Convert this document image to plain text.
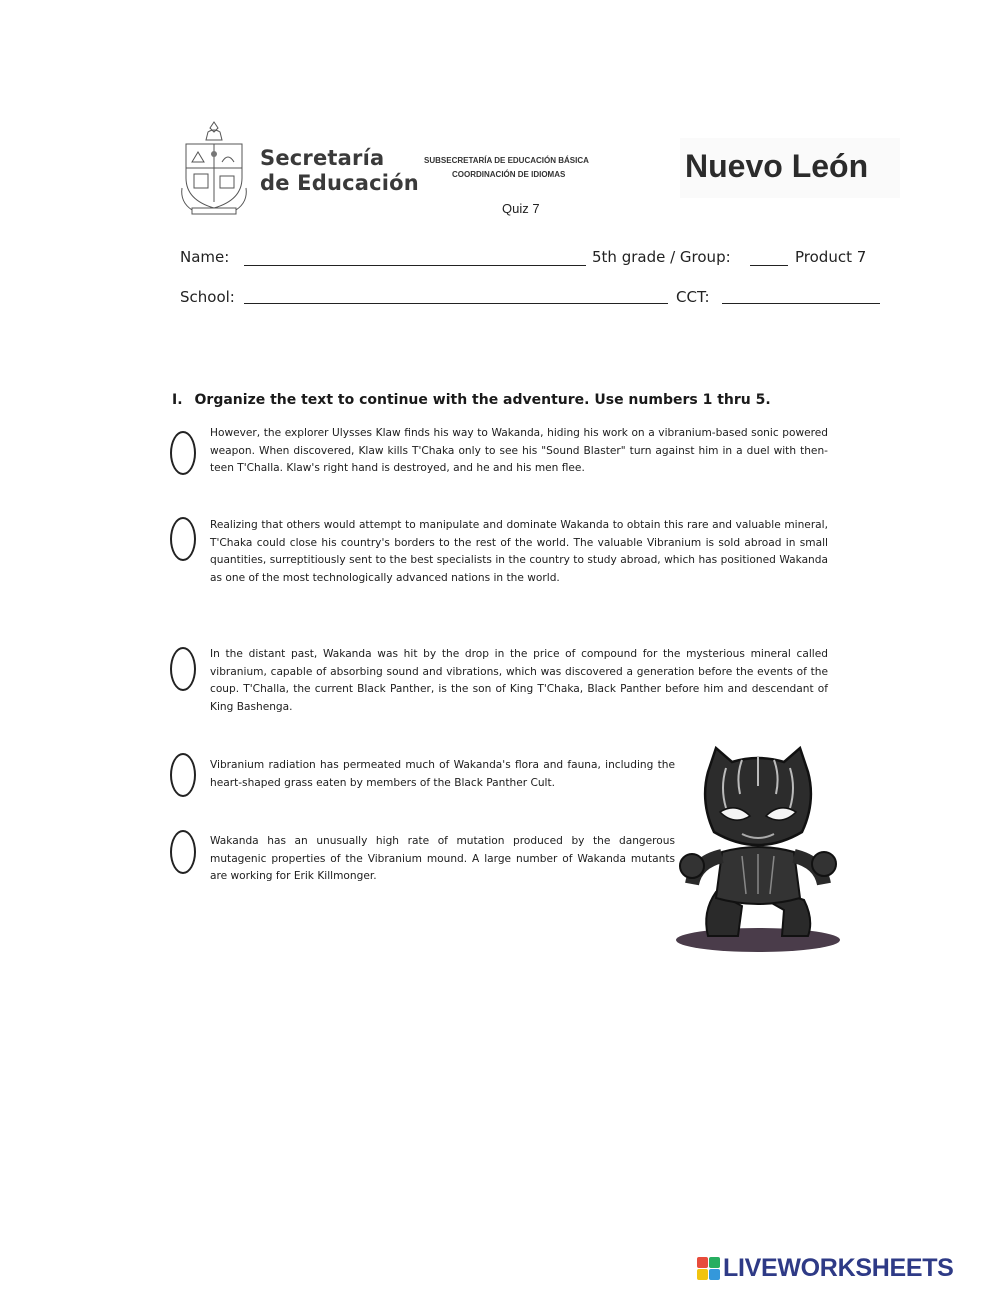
Secretaría
de Educación
SUBSECRETARÍA DE EDUCACIÓN BÁSICA
COORDINACIÓN DE IDIOMAS
Quiz 7
Nuevo León
Name:	5th grade / Group:	Product 7
School:	CCT:
I. Organize the text to continue with the adventure. Use numbers 1 thru 5.
However, the explorer Ulysses Klaw finds his way to Wakanda, hiding his work on a vibranium-based sonic powered weapon. When discovered, Klaw kills T'Chaka only to see his "Sound Blaster" turn against him in a duel with then-teen T'Challa. Klaw's right hand is destroyed, and he and his men flee.
Realizing that others would attempt to manipulate and dominate Wakanda to obtain this rare and valuable mineral, T'Chaka could close his country's borders to the rest of the world. The valuable Vibranium is sold abroad in small quantities, surreptitiously sent to the best specialists in the country to study abroad, which has positioned Wakanda as one of the most technologically advanced nations in the world.
In the distant past, Wakanda was hit by the drop in the price of compound for the mysterious mineral called vibranium, capable of absorbing sound and vibrations, which was discovered a generation before the events of the coup. T'Challa, the current Black Panther, is the son of King T'Chaka, Black Panther before him and descendant of King Bashenga.
Vibranium radiation has permeated much of Wakanda's flora and fauna, including the heart-shaped grass eaten by members of the Black Panther Cult.
Wakanda has an unusually high rate of mutation produced by the dangerous mutagenic properties of the Vibranium mound. A large number of Wakanda mutants are working for Erik Killmonger.
LIVEWORKSHEETS
